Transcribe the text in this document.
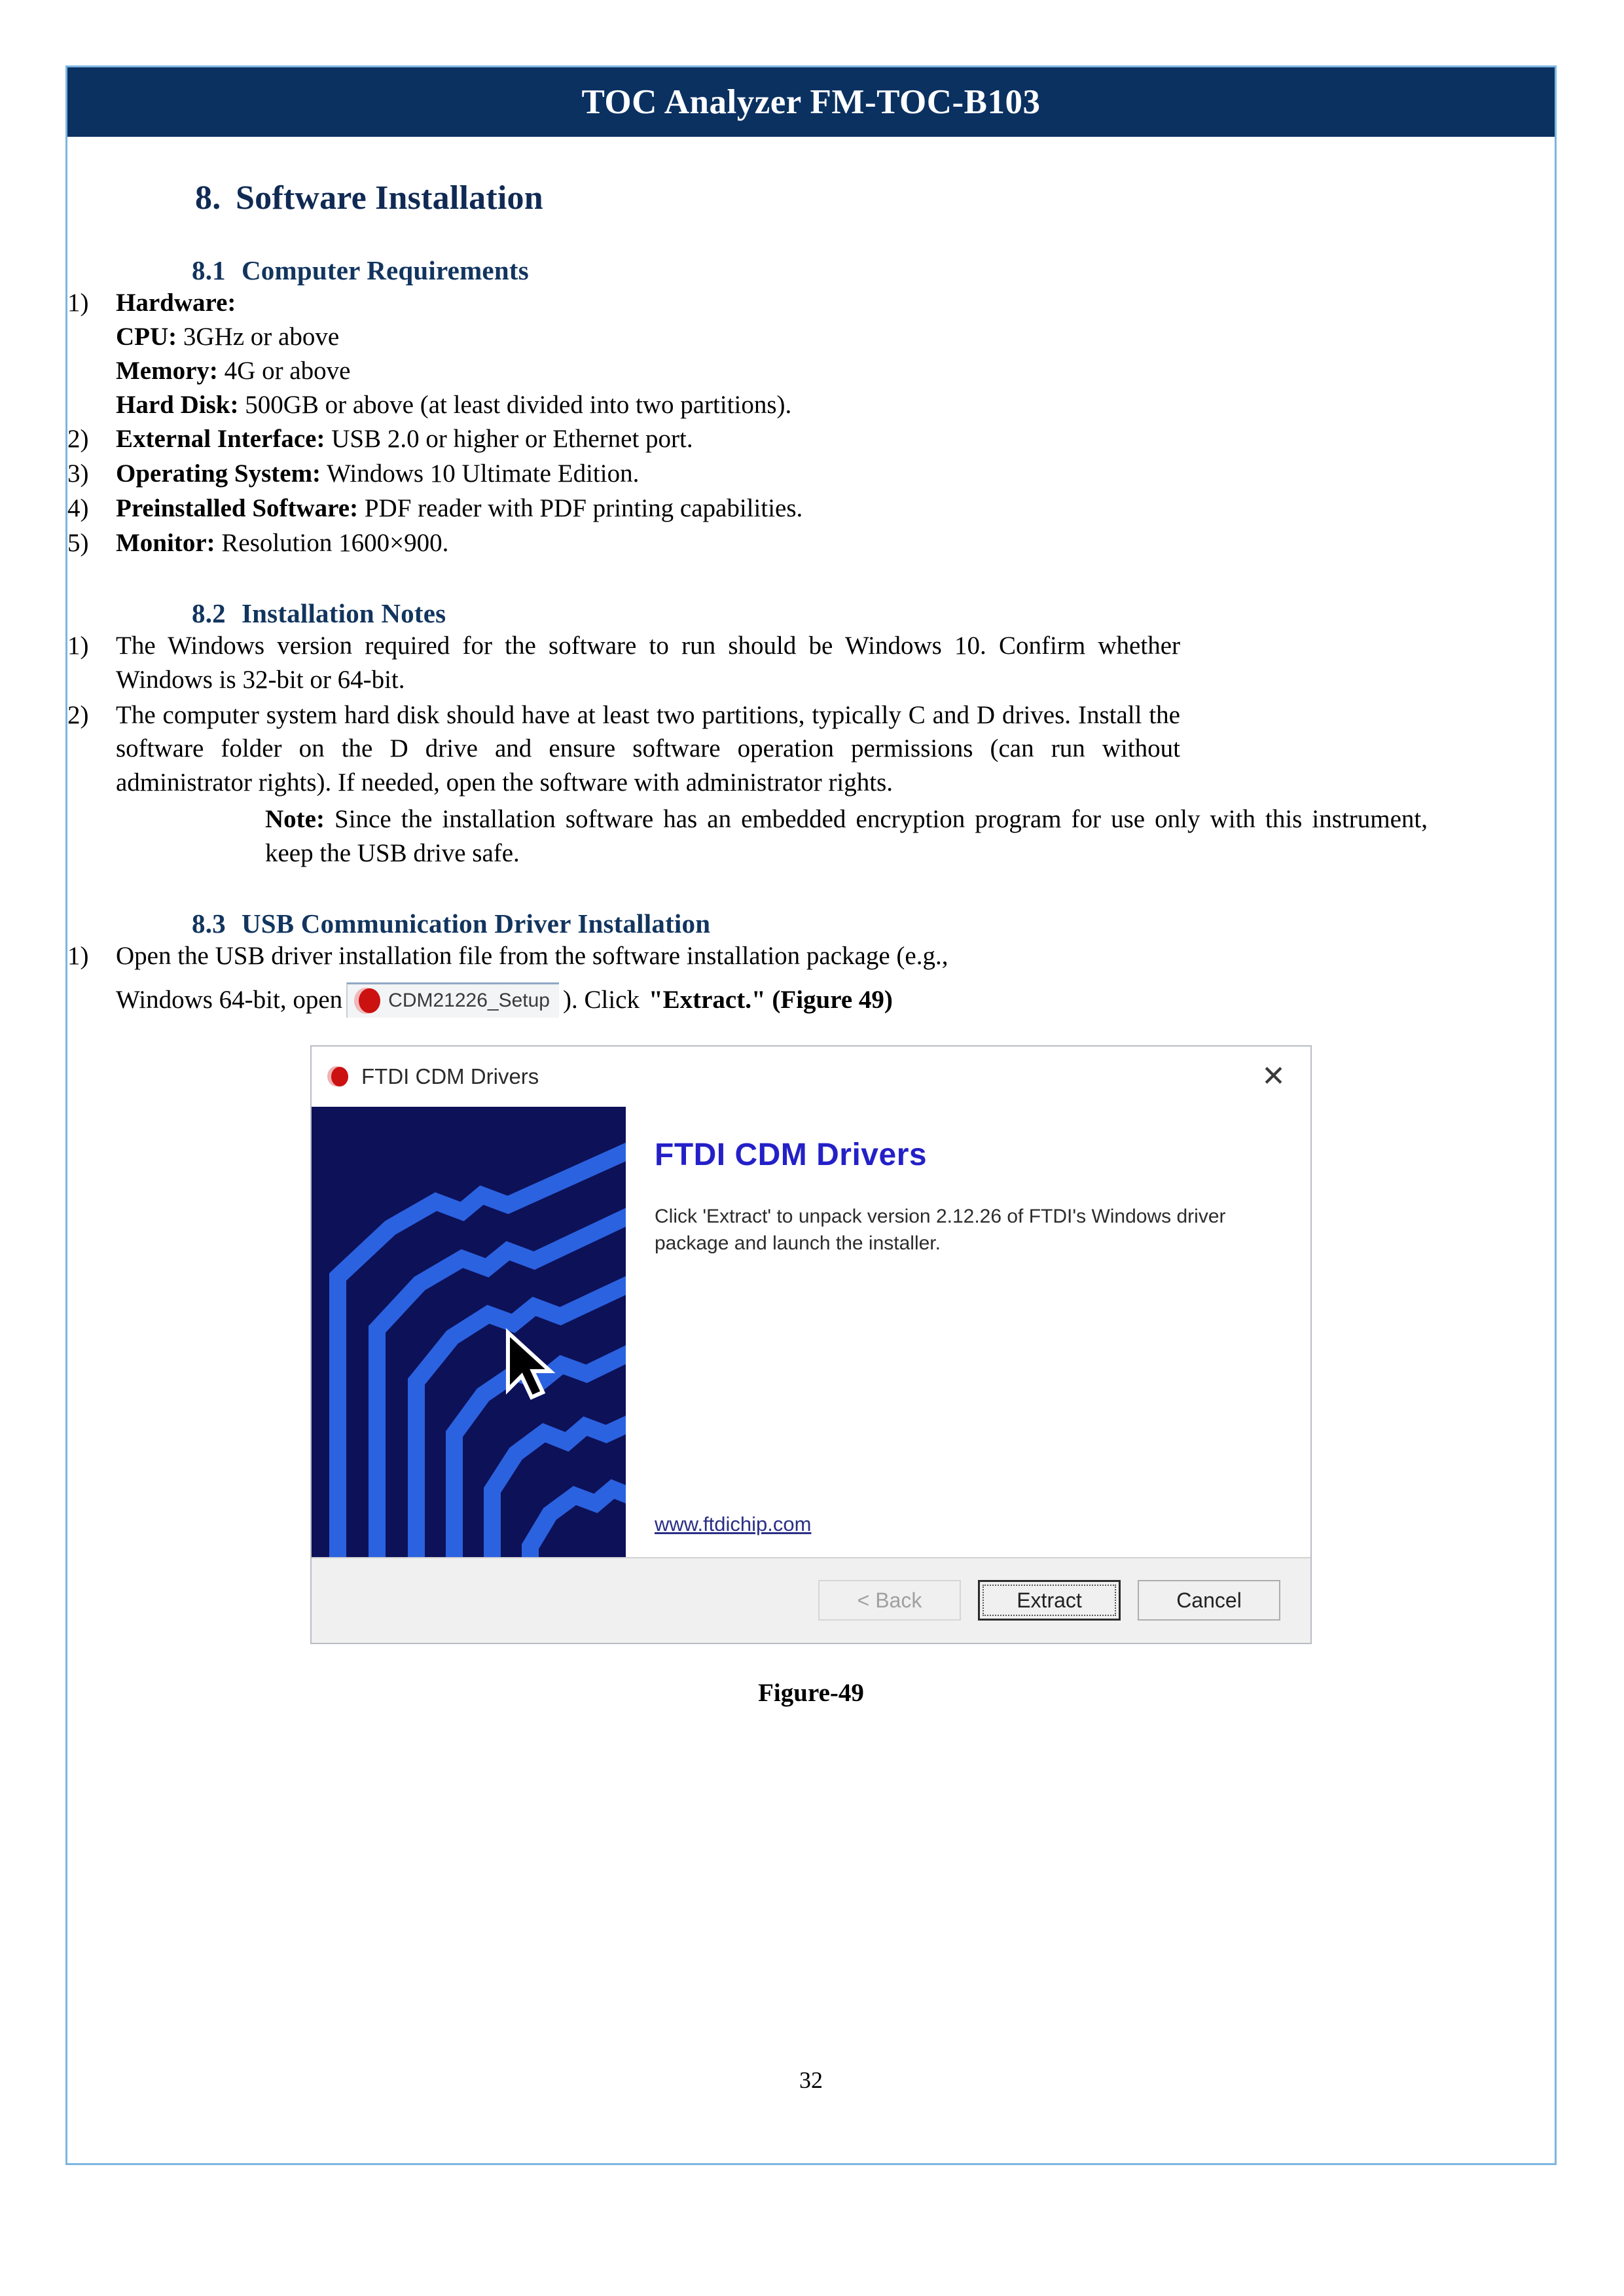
TOC Analyzer FM-TOC-B103
8. Software Installation
8.1 Computer Requirements
1)	Hardware:
CPU: 3GHz or above
Memory: 4G or above
Hard Disk: 500GB or above (at least divided into two partitions).
2)	External Interface: USB 2.0 or higher or Ethernet port.
3)	Operating System: Windows 10 Ultimate Edition.
4)	Preinstalled Software: PDF reader with PDF printing capabilities.
5)	Monitor: Resolution 1600×900.
8.2 Installation Notes
1)	The Windows version required for the software to run should be Windows 10. Confirm whether Windows is 32-bit or 64-bit.
2)	The computer system hard disk should have at least two partitions, typically C and D drives. Install the software folder on the D drive and ensure software operation permissions (can run without administrator rights). If needed, open the software with administrator rights.
Note: Since the installation software has an embedded encryption program for use only with this instrument, keep the USB drive safe.
8.3 USB Communication Driver Installation
1)	Open the USB driver installation file from the software installation package (e.g.,
Windows 64-bit, open CDM21226_Setup ). Click "Extract." (Figure 49)
FTDI CDM Drivers	✕
FTDI CDM Drivers
Click 'Extract' to unpack version 2.12.26 of FTDI's Windows driver package and launch the installer.
www.ftdichip.com
< Back	Extract	Cancel
Figure-49
32
